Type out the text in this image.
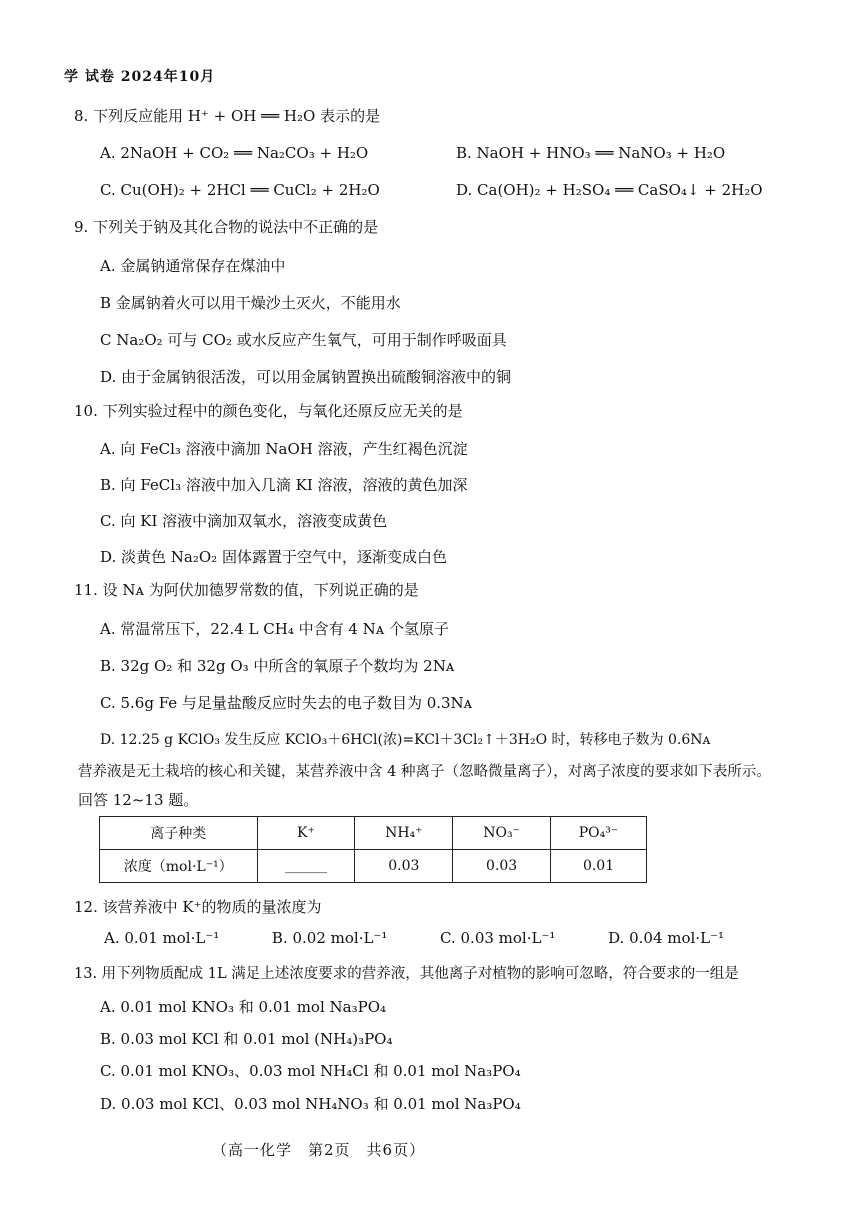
学 试卷 2024年10月
8. 下列反应能用 H⁺ + OH ══ H₂O 表示的是
A. 2NaOH + CO₂ ══ Na₂CO₃ + H₂O	B. NaOH + HNO₃ ══ NaNO₃ + H₂O
C. Cu(OH)₂ + 2HCl ══ CuCl₂ + 2H₂O	D. Ca(OH)₂ + H₂SO₄ ══ CaSO₄↓ + 2H₂O
9. 下列关于钠及其化合物的说法中不正确的是
A. 金属钠通常保存在煤油中
B 金属钠着火可以用干燥沙土灭火，不能用水
C Na₂O₂ 可与 CO₂ 或水反应产生氧气，可用于制作呼吸面具
D. 由于金属钠很活泼，可以用金属钠置换出硫酸铜溶液中的铜
10. 下列实验过程中的颜色变化，与氧化还原反应无关的是
A. 向 FeCl₃ 溶液中滴加 NaOH 溶液，产生红褐色沉淀
B. 向 FeCl₃ 溶液中加入几滴 KI 溶液，溶液的黄色加深
C. 向 KI 溶液中滴加双氧水，溶液变成黄色
D. 淡黄色 Na₂O₂ 固体露置于空气中，逐渐变成白色
11. 设 Nᴀ 为阿伏加德罗常数的值，下列说正确的是
A. 常温常压下，22.4 L CH₄ 中含有 4 Nᴀ 个氢原子
B. 32g O₂ 和 32g O₃ 中所含的氧原子个数均为 2Nᴀ
C. 5.6g Fe 与足量盐酸反应时失去的电子数目为 0.3Nᴀ
D. 12.25 g KClO₃ 发生反应 KClO₃＋6HCl(浓)=KCl＋3Cl₂↑＋3H₂O 时，转移电子数为 0.6Nᴀ
营养液是无土栽培的核心和关键，某营养液中含 4 种离子（忽略微量离子），对离子浓度的要求如下表所示。
回答 12~13 题。
离子种类	K⁺	NH₄⁺	NO₃⁻	PO₄³⁻
浓度（mol·L⁻¹）	______	0.03	0.03	0.01
12. 该营养液中 K⁺的物质的量浓度为
A. 0.01 mol·L⁻¹	B. 0.02 mol·L⁻¹	C. 0.03 mol·L⁻¹	D. 0.04 mol·L⁻¹
13. 用下列物质配成 1L 满足上述浓度要求的营养液，其他离子对植物的影响可忽略，符合要求的一组是
A. 0.01 mol KNO₃ 和 0.01 mol Na₃PO₄
B. 0.03 mol KCl 和 0.01 mol (NH₄)₃PO₄
C. 0.01 mol KNO₃、0.03 mol NH₄Cl 和 0.01 mol Na₃PO₄
D. 0.03 mol KCl、0.03 mol NH₄NO₃ 和 0.01 mol Na₃PO₄
（高一化学　第2页　共6页）
